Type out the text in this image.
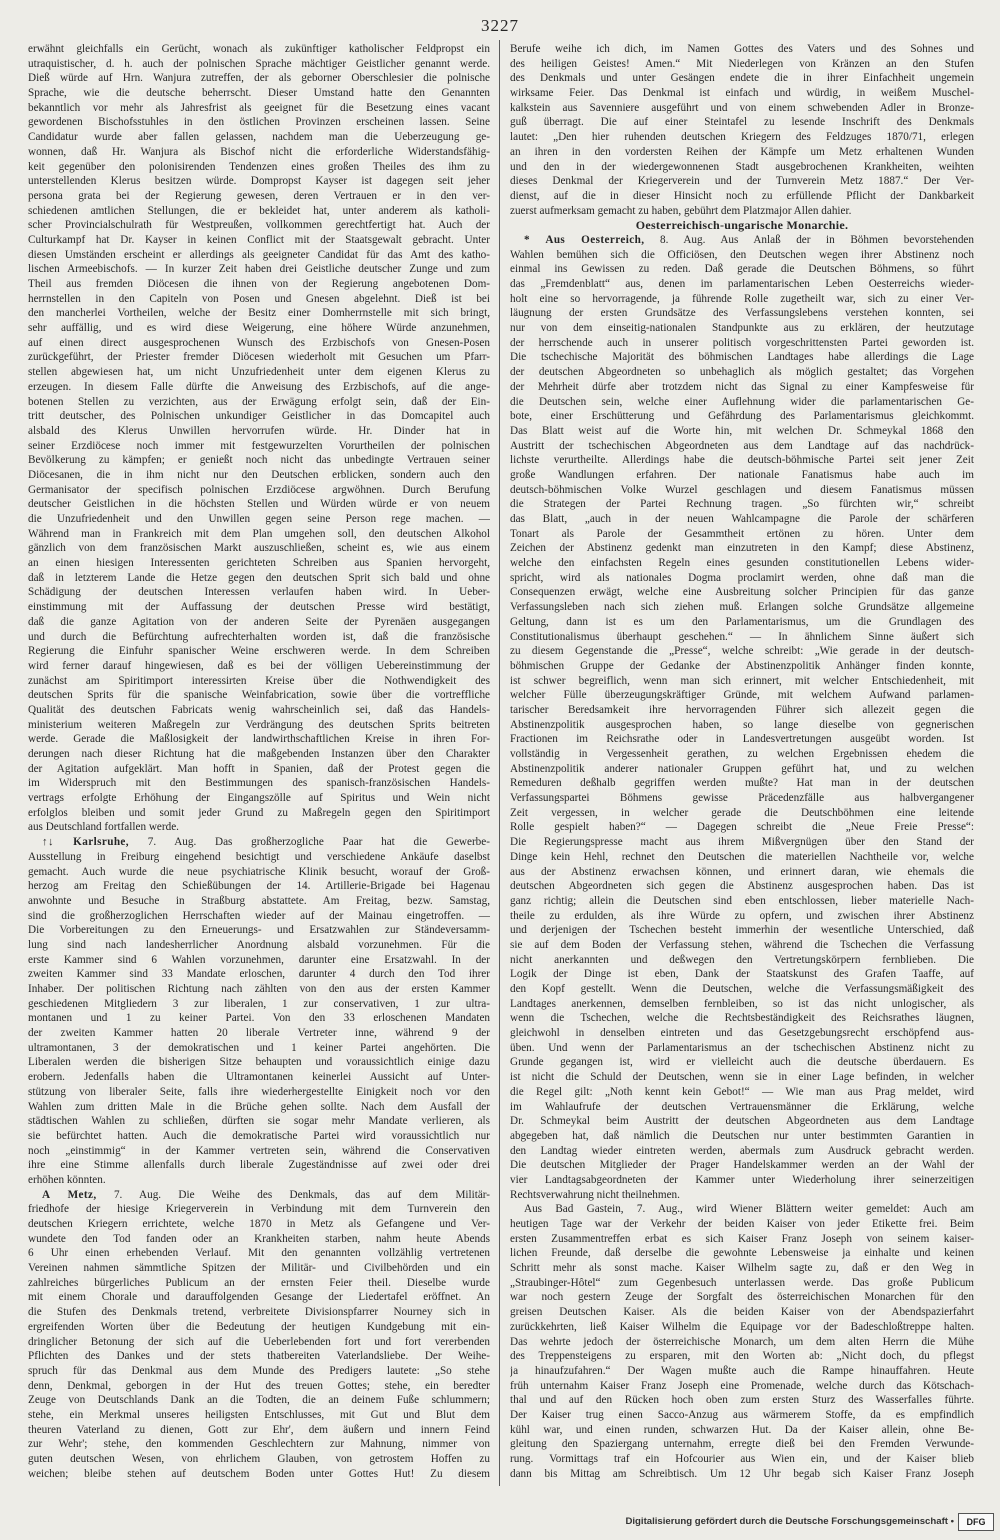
3227
erwähnt gleichfalls ein Gerücht, wonach als zukünftiger katholischer Feldpropst ein
utraquistischer, d. h. auch der polnischen Sprache mächtiger Geistlicher genannt werde.
Dieß würde auf Hrn. Wanjura zutreffen, der als geborner Oberschlesier die polnische
Sprache, wie die deutsche beherrscht. Dieser Umstand hatte den Genannten
bekanntlich vor mehr als Jahresfrist als geeignet für die Besetzung eines vacant
gewordenen Bischofsstuhles in den östlichen Provinzen erscheinen lassen. Seine
Candidatur wurde aber fallen gelassen, nachdem man die Ueberzeugung ge-
wonnen, daß Hr. Wanjura als Bischof nicht die erforderliche Widerstandsfähig-
keit gegenüber den polonisirenden Tendenzen eines großen Theiles des ihm zu
unterstellenden Klerus besitzen würde. Dompropst Kayser ist dagegen seit jeher
persona grata bei der Regierung gewesen, deren Vertrauen er in den ver-
schiedenen amtlichen Stellungen, die er bekleidet hat, unter anderem als katholi-
scher Provincialschulrath für Westpreußen, vollkommen gerechtfertigt hat. Auch der
Culturkampf hat Dr. Kayser in keinen Conflict mit der Staatsgewalt gebracht. Unter
diesen Umständen erscheint er allerdings als geeigneter Candidat für das Amt des katho-
lischen Armeebischofs. — In kurzer Zeit haben drei Geistliche deutscher Zunge und zum
Theil aus fremden Diöcesen die ihnen von der Regierung angebotenen Dom-
herrnstellen in den Capiteln von Posen und Gnesen abgelehnt. Dieß ist bei
den mancherlei Vortheilen, welche der Besitz einer Domherrnstelle mit sich bringt,
sehr auffällig, und es wird diese Weigerung, eine höhere Würde anzunehmen,
auf einen direct ausgesprochenen Wunsch des Erzbischofs von Gnesen-Posen
zurückgeführt, der Priester fremder Diöcesen wiederholt mit Gesuchen um Pfarr-
stellen abgewiesen hat, um nicht Unzufriedenheit unter dem eigenen Klerus zu
erzeugen. In diesem Falle dürfte die Anweisung des Erzbischofs, auf die ange-
botenen Stellen zu verzichten, aus der Erwägung erfolgt sein, daß der Ein-
tritt deutscher, des Polnischen unkundiger Geistlicher in das Domcapitel auch
alsbald des Klerus Unwillen hervorrufen würde. Hr. Dinder hat in
seiner Erzdiöcese noch immer mit festgewurzelten Vorurtheilen der polnischen
Bevölkerung zu kämpfen; er genießt noch nicht das unbedingte Vertrauen seiner
Diöcesanen, die in ihm nicht nur den Deutschen erblicken, sondern auch den
Germanisator der specifisch polnischen Erzdiöcese argwöhnen. Durch Berufung
deutscher Geistlichen in die höchsten Stellen und Würden würde er von neuem
die Unzufriedenheit und den Unwillen gegen seine Person rege machen. —
Während man in Frankreich mit dem Plan umgehen soll, den deutschen Alkohol
gänzlich von dem französischen Markt auszuschließen, scheint es, wie aus einem
an einen hiesigen Interessenten gerichteten Schreiben aus Spanien hervorgeht,
daß in letzterem Lande die Hetze gegen den deutschen Sprit sich bald und ohne
Schädigung der deutschen Interessen verlaufen haben wird. In Ueber-
einstimmung mit der Auffassung der deutschen Presse wird bestätigt,
daß die ganze Agitation von der anderen Seite der Pyrenäen ausgegangen
und durch die Befürchtung aufrechterhalten worden ist, daß die französische
Regierung die Einfuhr spanischer Weine erschweren werde. In dem Schreiben
wird ferner darauf hingewiesen, daß es bei der völligen Uebereinstimmung der
zunächst am Spiritimport interessirten Kreise über die Nothwendigkeit des
deutschen Sprits für die spanische Weinfabrication, sowie über die vortreffliche
Qualität des deutschen Fabricats wenig wahrscheinlich sei, daß das Handels-
ministerium weiteren Maßregeln zur Verdrängung des deutschen Sprits beitreten
werde. Gerade die Maßlosigkeit der landwirthschaftlichen Kreise in ihren For-
derungen nach dieser Richtung hat die maßgebenden Instanzen über den Charakter
der Agitation aufgeklärt. Man hofft in Spanien, daß der Protest gegen die
im Widerspruch mit den Bestimmungen des spanisch-französischen Handels-
vertrags erfolgte Erhöhung der Eingangszölle auf Spiritus und Wein nicht
erfolglos bleiben und somit jeder Grund zu Maßregeln gegen den Spiritimport
aus Deutschland fortfallen werde.
↑↓ Karlsruhe, 7. Aug. Das großherzogliche Paar hat die Gewerbe-
Ausstellung in Freiburg eingehend besichtigt und verschiedene Ankäufe daselbst
gemacht. Auch wurde die neue psychiatrische Klinik besucht, worauf der Groß-
herzog am Freitag den Schießübungen der 14. Artillerie-Brigade bei Hagenau
anwohnte und Besuche in Straßburg abstattete. Am Freitag, bezw. Samstag,
sind die großherzoglichen Herrschaften wieder auf der Mainau eingetroffen. —
Die Vorbereitungen zu den Erneuerungs- und Ersatzwahlen zur Ständeversamm-
lung sind nach landesherrlicher Anordnung alsbald vorzunehmen. Für die
erste Kammer sind 6 Wahlen vorzunehmen, darunter eine Ersatzwahl. In der
zweiten Kammer sind 33 Mandate erloschen, darunter 4 durch den Tod ihrer
Inhaber. Der politischen Richtung nach zählten von den aus der ersten Kammer
geschiedenen Mitgliedern 3 zur liberalen, 1 zur conservativen, 1 zur ultra-
montanen und 1 zu keiner Partei. Von den 33 erloschenen Mandaten
der zweiten Kammer hatten 20 liberale Vertreter inne, während 9 der
ultramontanen, 3 der demokratischen und 1 keiner Partei angehörten. Die
Liberalen werden die bisherigen Sitze behaupten und voraussichtlich einige dazu
erobern. Jedenfalls haben die Ultramontanen keinerlei Aussicht auf Unter-
stützung von liberaler Seite, falls ihre wiederhergestellte Einigkeit noch vor den
Wahlen zum dritten Male in die Brüche gehen sollte. Nach dem Ausfall der
städtischen Wahlen zu schließen, dürften sie sogar mehr Mandate verlieren, als
sie befürchtet hatten. Auch die demokratische Partei wird voraussichtlich nur
noch „einstimmig“ in der Kammer vertreten sein, während die Conservativen
ihre eine Stimme allenfalls durch liberale Zugeständnisse auf zwei oder drei
erhöhen könnten.
A Metz, 7. Aug. Die Weihe des Denkmals, das auf dem Militär-
friedhofe der hiesige Kriegerverein in Verbindung mit dem Turnverein den
deutschen Kriegern errichtete, welche 1870 in Metz als Gefangene und Ver-
wundete den Tod fanden oder an Krankheiten starben, nahm heute Abends
6 Uhr einen erhebenden Verlauf. Mit den genannten vollzählig vertretenen
Vereinen nahmen sämmtliche Spitzen der Militär- und Civilbehörden und ein
zahlreiches bürgerliches Publicum an der ernsten Feier theil. Dieselbe wurde
mit einem Chorale und darauffolgenden Gesange der Liedertafel eröffnet. An
die Stufen des Denkmals tretend, verbreitete Divisionspfarrer Nourney sich in
ergreifenden Worten über die Bedeutung der heutigen Kundgebung mit ein-
dringlicher Betonung der sich auf die Ueberlebenden fort und fort vererbenden
Pflichten des Dankes und der stets thatbereiten Vaterlandsliebe. Der Weihe-
spruch für das Denkmal aus dem Munde des Predigers lautete: „So stehe
denn, Denkmal, geborgen in der Hut des treuen Gottes; stehe, ein beredter
Zeuge von Deutschlands Dank an die Todten, die an deinem Fuße schlummern;
stehe, ein Merkmal unseres heiligsten Entschlusses, mit Gut und Blut dem
theuren Vaterland zu dienen, Gott zur Ehr', dem äußern und innern Feind
zur Wehr'; stehe, den kommenden Geschlechtern zur Mahnung, nimmer von
guten deutschen Wesen, von ehrlichem Glauben, von getrostem Hoffen zu
weichen; bleibe stehen auf deutschem Boden unter Gottes Hut! Zu diesem
Berufe weihe ich dich, im Namen Gottes des Vaters und des Sohnes und
des heiligen Geistes! Amen.“ Mit Niederlegen von Kränzen an den Stufen
des Denkmals und unter Gesängen endete die in ihrer Einfachheit ungemein
wirksame Feier. Das Denkmal ist einfach und würdig, in weißem Muschel-
kalkstein aus Savenniere ausgeführt und von einem schwebenden Adler in Bronze-
guß überragt. Die auf einer Steintafel zu lesende Inschrift des Denkmals
lautet: „Den hier ruhenden deutschen Kriegern des Feldzuges 1870/71, erlegen
an ihren in den vordersten Reihen der Kämpfe um Metz erhaltenen Wunden
und den in der wiedergewonnenen Stadt ausgebrochenen Krankheiten, weihten
dieses Denkmal der Kriegerverein und der Turnverein Metz 1887.“ Der Ver-
dienst, auf die in dieser Hinsicht noch zu erfüllende Pflicht der Dankbarkeit
zuerst aufmerksam gemacht zu haben, gebührt dem Platzmajor Allen dahier.
Oesterreichisch-ungarische Monarchie.
* Aus Oesterreich, 8. Aug. Aus Anlaß der in Böhmen bevorstehenden
Wahlen bemühen sich die Officiösen, den Deutschen wegen ihrer Abstinenz noch
einmal ins Gewissen zu reden. Daß gerade die Deutschen Böhmens, so führt
das „Fremdenblatt“ aus, denen im parlamentarischen Leben Oesterreichs wieder-
holt eine so hervorragende, ja führende Rolle zugetheilt war, sich zu einer Ver-
läugnung der ersten Grundsätze des Verfassungslebens verstehen konnten, sei
nur von dem einseitig-nationalen Standpunkte aus zu erklären, der heutzutage
der herrschende auch in unserer politisch vorgeschrittensten Partei geworden ist.
Die tschechische Majorität des böhmischen Landtages habe allerdings die Lage
der deutschen Abgeordneten so unbehaglich als möglich gestaltet; das Vorgehen
der Mehrheit dürfe aber trotzdem nicht das Signal zu einer Kampfesweise für
die Deutschen sein, welche einer Auflehnung wider die parlamentarischen Ge-
bote, einer Erschütterung und Gefährdung des Parlamentarismus gleichkommt.
Das Blatt weist auf die Worte hin, mit welchen Dr. Schmeykal 1868 den
Austritt der tschechischen Abgeordneten aus dem Landtage auf das nachdrück-
lichste verurtheilte. Allerdings habe die deutsch-böhmische Partei seit jener Zeit
große Wandlungen erfahren. Der nationale Fanatismus habe auch im
deutsch-böhmischen Volke Wurzel geschlagen und diesem Fanatismus müssen
die Strategen der Partei Rechnung tragen. „So fürchten wir,“ schreibt
das Blatt, „auch in der neuen Wahlcampagne die Parole der schärferen
Tonart als Parole der Gesammtheit ertönen zu hören. Unter dem
Zeichen der Abstinenz gedenkt man einzutreten in den Kampf; diese Abstinenz,
welche den einfachsten Regeln eines gesunden constitutionellen Lebens wider-
spricht, wird als nationales Dogma proclamirt werden, ohne daß man die
Consequenzen erwägt, welche eine Ausbreitung solcher Principien für das ganze
Verfassungsleben nach sich ziehen muß. Erlangen solche Grundsätze allgemeine
Geltung, dann ist es um den Parlamentarismus, um die Grundlagen des
Constitutionalismus überhaupt geschehen.“ — In ähnlichem Sinne äußert sich
zu diesem Gegenstande die „Presse“, welche schreibt: „Wie gerade in der deutsch-
böhmischen Gruppe der Gedanke der Abstinenzpolitik Anhänger finden konnte,
ist schwer begreiflich, wenn man sich erinnert, mit welcher Entschiedenheit, mit
welcher Fülle überzeugungskräftiger Gründe, mit welchem Aufwand parlamen-
tarischer Beredsamkeit ihre hervorragenden Führer sich allezeit gegen die
Abstinenzpolitik ausgesprochen haben, so lange dieselbe von gegnerischen
Fractionen im Reichsrathe oder in Landesvertretungen ausgeübt worden. Ist
vollständig in Vergessenheit gerathen, zu welchen Ergebnissen ehedem die
Abstinenzpolitik anderer nationaler Gruppen geführt hat, und zu welchen
Remeduren deßhalb gegriffen werden mußte? Hat man in der deutschen
Verfassungspartei Böhmens gewisse Präcedenzfälle aus halbvergangener
Zeit vergessen, in welcher gerade die Deutschböhmen eine leitende
Rolle gespielt haben?“ — Dagegen schreibt die „Neue Freie Presse“:
Die Regierungspresse macht aus ihrem Mißvergnügen über den Stand der
Dinge kein Hehl, rechnet den Deutschen die materiellen Nachtheile vor, welche
aus der Abstinenz erwachsen können, und erinnert daran, wie ehemals die
deutschen Abgeordneten sich gegen die Abstinenz ausgesprochen haben. Das ist
ganz richtig; allein die Deutschen sind eben entschlossen, lieber materielle Nach-
theile zu erdulden, als ihre Würde zu opfern, und zwischen ihrer Abstinenz
und derjenigen der Tschechen besteht immerhin der wesentliche Unterschied, daß
sie auf dem Boden der Verfassung stehen, während die Tschechen die Verfassung
nicht anerkannten und deßwegen den Vertretungskörpern fernblieben. Die
Logik der Dinge ist eben, Dank der Staatskunst des Grafen Taaffe, auf
den Kopf gestellt. Wenn die Deutschen, welche die Verfassungsmäßigkeit des
Landtages anerkennen, demselben fernbleiben, so ist das nicht unlogischer, als
wenn die Tschechen, welche die Rechtsbeständigkeit des Reichsrathes läugnen,
gleichwohl in denselben eintreten und das Gesetzgebungsrecht erschöpfend aus-
üben. Und wenn der Parlamentarismus an der tschechischen Abstinenz nicht zu
Grunde gegangen ist, wird er vielleicht auch die deutsche überdauern. Es
ist nicht die Schuld der Deutschen, wenn sie in einer Lage befinden, in welcher
die Regel gilt: „Noth kennt kein Gebot!“ — Wie man aus Prag meldet, wird
im Wahlaufrufe der deutschen Vertrauensmänner die Erklärung, welche
Dr. Schmeykal beim Austritt der deutschen Abgeordneten aus dem Landtage
abgegeben hat, daß nämlich die Deutschen nur unter bestimmten Garantien in
den Landtag wieder eintreten werden, abermals zum Ausdruck gebracht werden.
Die deutschen Mitglieder der Prager Handelskammer werden an der Wahl der
vier Landtagsabgeordneten der Kammer unter Wiederholung ihrer seinerzeitigen
Rechtsverwahrung nicht theilnehmen.
Aus Bad Gastein, 7. Aug., wird Wiener Blättern weiter gemeldet: Auch am
heutigen Tage war der Verkehr der beiden Kaiser von jeder Etikette frei. Beim
ersten Zusammentreffen erbat es sich Kaiser Franz Joseph von seinem kaiser-
lichen Freunde, daß derselbe die gewohnte Lebensweise ja einhalte und keinen
Schritt mehr als sonst mache. Kaiser Wilhelm sagte zu, daß er den Weg in
„Straubinger-Hôtel“ zum Gegenbesuch unterlassen werde. Das große Publicum
war noch gestern Zeuge der Sorgfalt des österreichischen Monarchen für den
greisen Deutschen Kaiser. Als die beiden Kaiser von der Abendspazierfahrt
zurückkehrten, ließ Kaiser Wilhelm die Equipage vor der Badeschloßtreppe halten.
Das wehrte jedoch der österreichische Monarch, um dem alten Herrn die Mühe
des Treppensteigens zu ersparen, mit den Worten ab: „Nicht doch, du pflegst
ja hinaufzufahren.“ Der Wagen mußte auch die Rampe hinauffahren. Heute
früh unternahm Kaiser Franz Joseph eine Promenade, welche durch das Kötschach-
thal und auf den Rücken hoch oben zum ersten Sturz des Wasserfalles führte.
Der Kaiser trug einen Sacco-Anzug aus wärmerem Stoffe, da es empfindlich
kühl war, und einen runden, schwarzen Hut. Da der Kaiser allein, ohne Be-
gleitung den Spaziergang unternahm, erregte dieß bei den Fremden Verwunde-
rung. Vormittags traf ein Hofcourier aus Wien ein, und der Kaiser blieb
dann bis Mittag am Schreibtisch. Um 12 Uhr begab sich Kaiser Franz Joseph
Digitalisierung gefördert durch die Deutsche Forschungsgemeinschaft •	DFG
